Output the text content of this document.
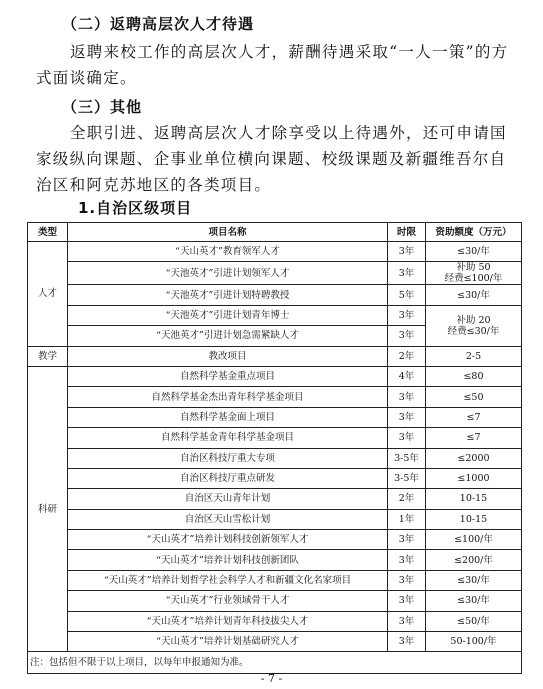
（二）返聘高层次人才待遇

返聘来校工作的高层次人才，薪酬待遇采取“一人一策”的方式面谈确定。

（三）其他

全职引进、返聘高层次人才除享受以上待遇外，还可申请国家级纵向课题、企事业单位横向课题、校级课题及新疆维吾尔自治区和阿克苏地区的各类项目。

1.自治区级项目
类型	项目名称	时限	资助额度（万元）
人才	“天山英才”教育领军人才	3年	≤30/年
	“天池英才”引进计划领军人才	3年	补助 50
经费≤100/年
	“天池英才”引进计划特聘教授	5年	≤30/年
	“天池英才”引进计划青年博士	3年	补助 20
经费≤30/年
	“天池英才”引进计划急需紧缺人才	3年	
教学	教改项目	2年	2-5
科研	自然科学基金重点项目	4年	≤80
	自然科学基金杰出青年科学基金项目	3年	≤50
	自然科学基金面上项目	3年	≤7
	自然科学基金青年科学基金项目	3年	≤7
	自治区科技厅重大专项	3-5年	≤2000
	自治区科技厅重点研发	3-5年	≤1000
	自治区天山青年计划	2年	10-15
	自治区天山雪松计划	1年	10-15
	“天山英才”培养计划科技创新领军人才	3年	≤100/年
	“天山英才”培养计划科技创新团队	3年	≤200/年
	“天山英才”培养计划哲学社会科学人才和新疆文化名家项目	3年	≤30/年
	“天山英才”行业领域骨干人才	3年	≤30/年
	“天山英才”培养计划青年科技拔尖人才	3年	≤50/年
	“天山英才”培养计划基础研究人才	3年	50-100/年
注：包括但不限于以上项目，以每年申报通知为准。			
- 7 -
